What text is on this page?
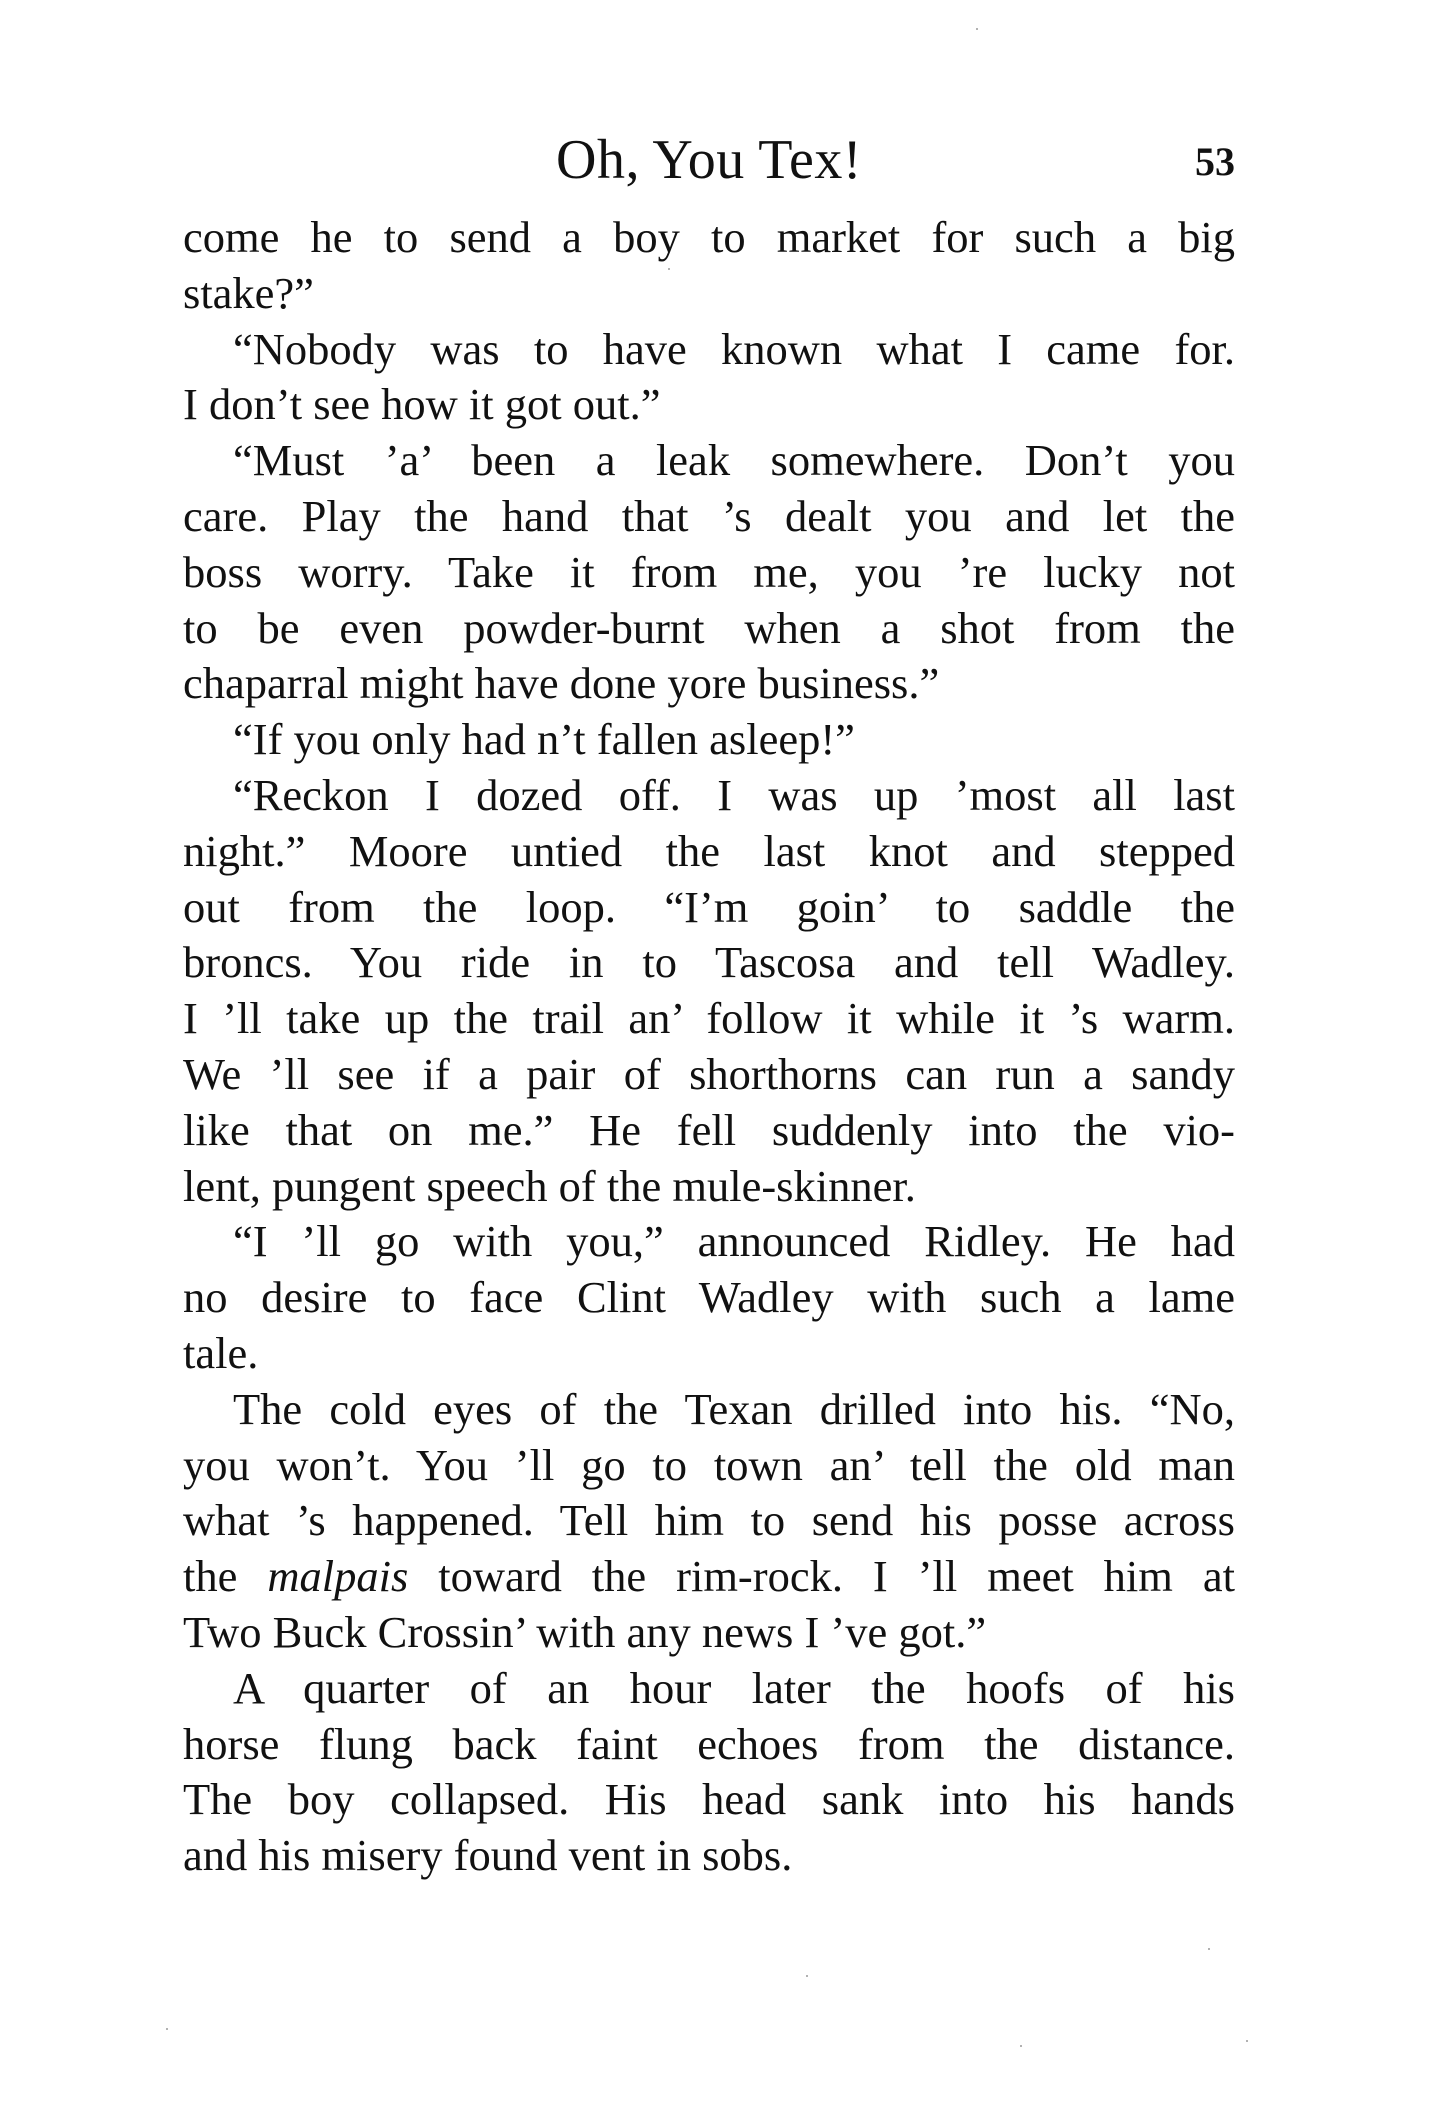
Oh, You Tex!	53
come he to send a boy to market for such a big
stake?”
“Nobody was to have known what I came for.
I don’t see how it got out.”
“Must ’a’ been a leak somewhere. Don’t you
care. Play the hand that ’s dealt you and let the
boss worry. Take it from me, you ’re lucky not
to be even powder-burnt when a shot from the
chaparral might have done yore business.”
“If you only had n’t fallen asleep!”
“Reckon I dozed off. I was up ’most all last
night.” Moore untied the last knot and stepped
out from the loop. “I’m goin’ to saddle the
broncs. You ride in to Tascosa and tell Wadley.
I ’ll take up the trail an’ follow it while it ’s warm.
We ’ll see if a pair of shorthorns can run a sandy
like that on me.” He fell suddenly into the vio-
lent, pungent speech of the mule-skinner.
“I ’ll go with you,” announced Ridley. He had
no desire to face Clint Wadley with such a lame
tale.
The cold eyes of the Texan drilled into his. “No,
you won’t. You ’ll go to town an’ tell the old man
what ’s happened. Tell him to send his posse across
the malpais toward the rim-rock. I ’ll meet him at
Two Buck Crossin’ with any news I ’ve got.”
A quarter of an hour later the hoofs of his
horse flung back faint echoes from the distance.
The boy collapsed. His head sank into his hands
and his misery found vent in sobs.
